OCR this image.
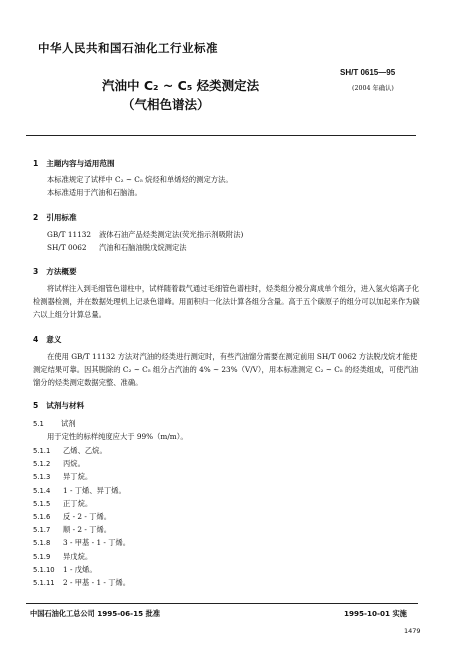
中华人民共和国石油化工行业标准
汽油中 C₂ ~ C₅ 烃类测定法
（气相色谱法）
SH/T 0615—95
(2004 年确认)
1 主题内容与适用范围
本标准规定了试样中 C₂ ~ C₅ 烷烃和单烯烃的测定方法。
本标准适用于汽油和石脑油。
2 引用标准
GB/T 11132 液体石油产品烃类测定法(荧光指示剂吸附法)
SH/T 0062 汽油和石脑油脱戊烷测定法
3 方法概要
将试样注入到毛细管色谱柱中，试样随着载气通过毛细管色谱柱时，烃类组分被分离成单个组分，进入氢火焰离子化检测器检测，并在数据处理机上记录色谱峰。用面积归一化法计算各组分含量。高于五个碳原子的组分可以加起来作为碳六以上组分计算总量。
4 意义
在使用 GB/T 11132 方法对汽油的烃类进行测定时，有些汽油馏分需要在测定前用 SH/T 0062 方法脱戊烷才能使测定结果可靠。因其脱除的 C₂ ~ C₅ 组分占汽油的 4% ~ 23%（V/V），用本标准测定 C₂ ~ C₅ 的烃类组成，可使汽油馏分的烃类测定数据完整、准确。
5 试剂与材料
5.1 试剂
用于定性的标样纯度应大于 99%（m/m）。
5.1.1 乙烯、乙烷。
5.1.2 丙烷。
5.1.3 异丁烷。
5.1.4 1 - 丁烯、异丁烯。
5.1.5 正丁烷。
5.1.6 反 - 2 - 丁烯。
5.1.7 顺 - 2 - 丁烯。
5.1.8 3 - 甲基 - 1 - 丁烯。
5.1.9 异戊烷。
5.1.10 1 - 戊烯。
5.1.11 2 - 甲基 - 1 - 丁烯。
中国石油化工总公司 1995-06-15 批准	1995-10-01 实施
1479
